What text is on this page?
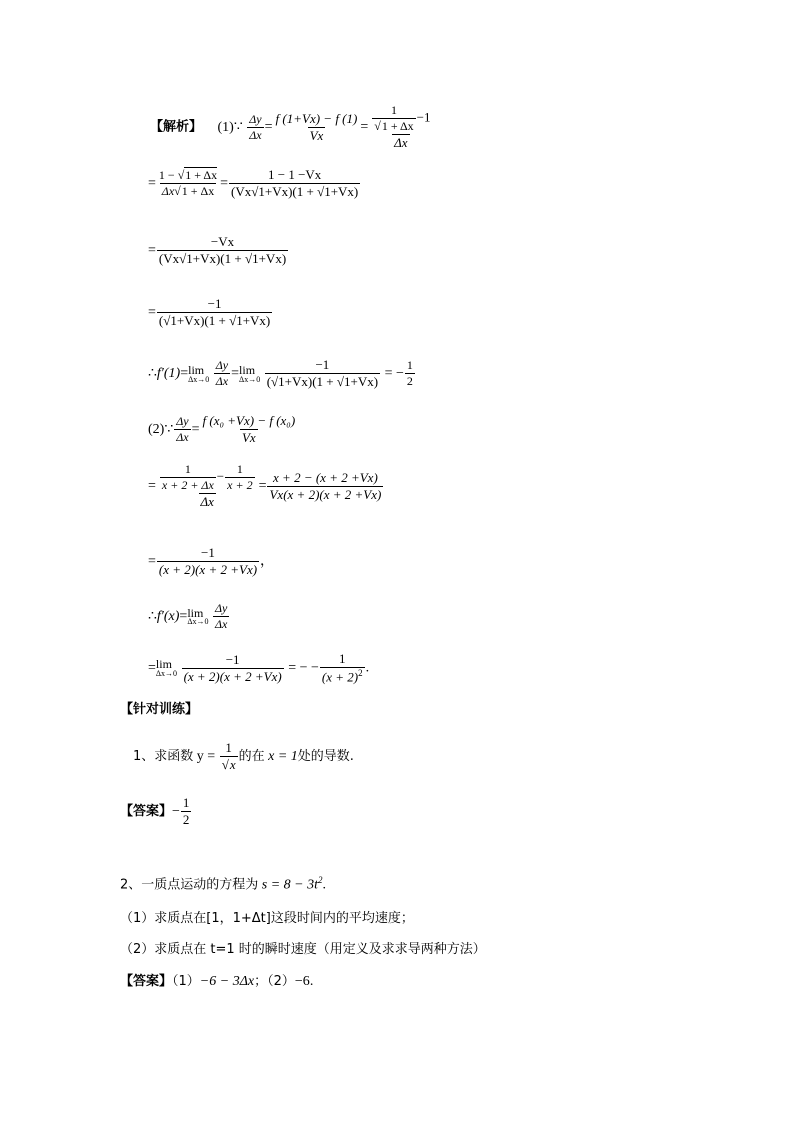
【解析】 (1)∵ $\frac{\Delta y}{\Delta x} = \frac{f (1+Vx) - f (1)}{Vx} = \frac{\frac{1}{√1 + \Delta x} -1}{\Delta x}$
= $\frac{1 - √1 + \Delta x}{\Delta x√1 + \Delta x} = \frac{1 - 1 -Vx}{(Vx√1+Vx)(1 + √1+Vx)}$
= $\frac{-Vx}{(Vx√1+Vx)(1 + √1+Vx)}$
= $\frac{-1}{(√1+Vx)(1 + √1+Vx)}$
∴f′(1)= lim
Δx→0
$\frac{\Delta y}{\Delta x} = \lim$
Δx→0
$\frac{-1}{(√1+Vx)(1 + √1+Vx)}$ = − $\frac{1}{2}$
(2)∵ $\frac{\Delta y}{\Delta x} = \frac{\text{f (x₀ +Vx) − f (x₀)}}{Vx}$
= $\frac{\frac{1}{x + 2 + \Delta x} - \frac{1}{x + 2}}{\Delta x} = \frac{x + 2 - (x + 2 +Vx)}{Vx(x + 2)(x + 2 +Vx)}$
= $\frac{-1}{(x + 2)(x + 2 +Vx)}$ ，
∴f′(x)= lim
Δx→0
$\frac{\Delta y}{\Delta x}$
= lim
Δx→0
$\frac{-1}{(x + 2)(x + 2 +Vx)}$ = − − $\frac{1}{(x + 2)^2}$ .
【针对训练】
1、求函数 $y = \frac{1}{√x}$ 的在 x = 1处的导数.
【答案】− $\frac{1}{2}$
2、一质点运动的方程为 $s = 8 - 3t^2$.
（1）求质点在[1，1+Δt]这段时间内的平均速度；
（2）求质点在 t=1 时的瞬时速度（用定义及求求导两种方法）
【答案】（1）−6 − 3Δx；（2）−6.
